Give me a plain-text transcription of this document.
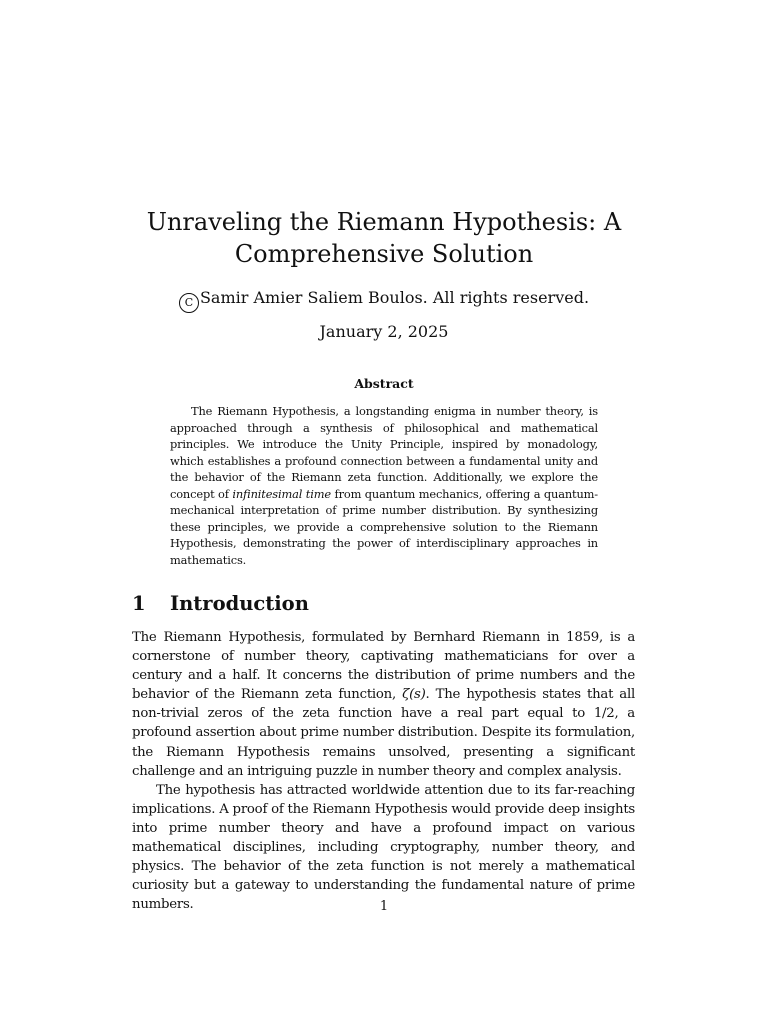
Unraveling the Riemann Hypothesis: A
Comprehensive Solution
C Samir Amier Saliem Boulos. All rights reserved.
January 2, 2025
Abstract

The Riemann Hypothesis, a longstanding enigma in number theory, is approached through a synthesis of philosophical and mathematical principles. We introduce the Unity Principle, inspired by monadology, which establishes a profound connection between a fundamental unity and the behavior of the Riemann zeta function. Additionally, we explore the concept of infinitesimal time from quantum mechanics, offering a quantum-mechanical interpretation of prime number distribution. By synthesizing these principles, we provide a comprehensive solution to the Riemann Hypothesis, demonstrating the power of interdisciplinary approaches in mathematics.

1 Introduction

The Riemann Hypothesis, formulated by Bernhard Riemann in 1859, is a cornerstone of number theory, captivating mathematicians for over a century and a half. It concerns the distribution of prime numbers and the behavior of the Riemann zeta function, ζ(s). The hypothesis states that all non-trivial zeros of the zeta function have a real part equal to 1/2, a profound assertion about prime number distribution. Despite its formulation, the Riemann Hypothesis remains unsolved, presenting a significant challenge and an intriguing puzzle in number theory and complex analysis.

The hypothesis has attracted worldwide attention due to its far-reaching implications. A proof of the Riemann Hypothesis would provide deep insights into prime number theory and have a profound impact on various mathematical disciplines, including cryptography, number theory, and physics. The behavior of the zeta function is not merely a mathematical curiosity but a gateway to understanding the fundamental nature of prime numbers.	1
